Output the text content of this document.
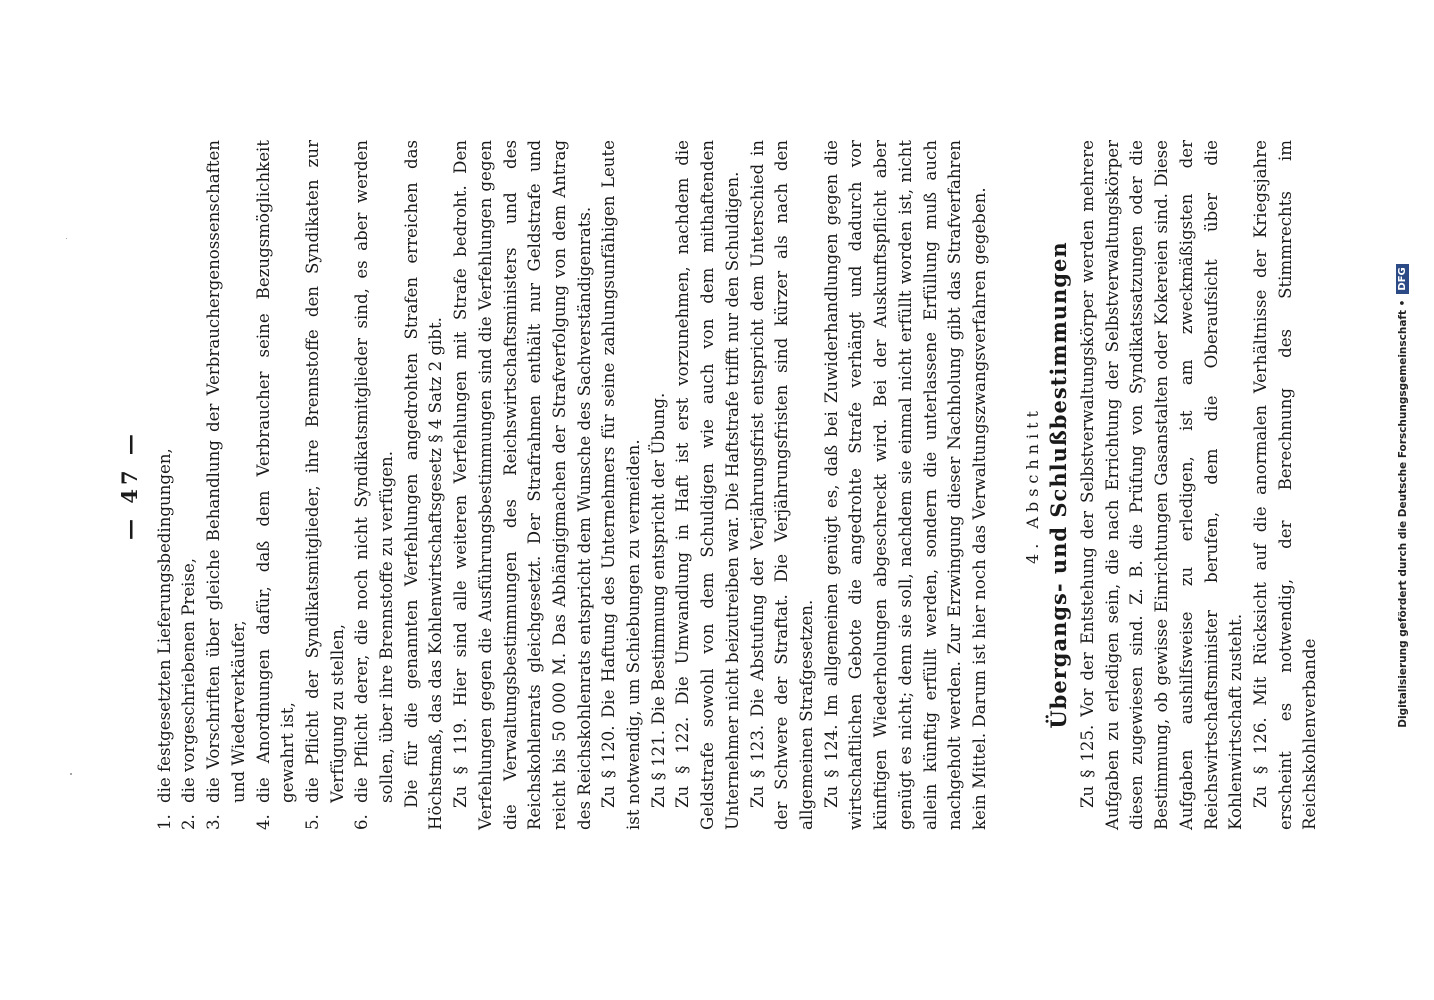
— 47 —
1.
die festgesetzten Lieferungsbedingungen,
2.
die vorgeschriebenen Preise,
3.
die Vorschriften über gleiche Behandlung der Verbrauchergenossenschaften und Wiederverkäufer,
4.
die Anordnungen dafür, daß dem Verbraucher seine Bezugsmöglichkeit gewahrt ist,
5.
die Pflicht der Syndikatsmitglieder, ihre Brennstoffe den Syndikaten zur Verfügung zu stellen,
6.
die Pflicht derer, die noch nicht Syndikatsmitglieder sind, es aber werden sollen, über ihre Brennstoffe zu verfügen. Die für die genannten Verfehlungen angedrohten Strafen erreichen das Höchstmaß, das das Kohlenwirtschaftsgesetz § 4 Satz 2 gibt. Zu § 119. Hier sind alle weiteren Verfehlungen mit Strafe bedroht. Den Verfehlungen gegen die Ausführungsbestimmungen sind die Verfehlungen gegen die Verwaltungsbestimmungen des Reichswirtschaftsministers und des Reichskohlenrats gleichgesetzt. Der Strafrahmen enthält nur Geldstrafe und reicht bis 50 000 M. Das Abhängigmachen der Strafverfolgung von dem Antrag des Reichskohlenrats entspricht dem Wunsche des Sachverständigenrats. Zu § 120. Die Haftung des Unternehmers für seine zahlungsunfähigen Leute ist notwendig, um Schiebungen zu vermeiden. Zu § 121. Die Bestimmung entspricht der Übung. Zu § 122. Die Umwandlung in Haft ist erst vorzunehmen, nachdem die Geldstrafe sowohl von dem Schuldigen wie auch von dem mithaftenden Unternehmer nicht beizutreiben war. Die Haftstrafe trifft nur den Schuldigen. Zu § 123. Die Abstufung der Verjährungsfrist entspricht dem Unterschied in der Schwere der Straftat. Die Verjährungsfristen sind kürzer als nach den allgemeinen Strafgesetzen. Zu § 124. Im allgemeinen genügt es, daß bei Zuwiderhandlungen gegen die wirtschaftlichen Gebote die angedrohte Strafe verhängt und dadurch vor künftigen Wiederholungen abgeschreckt wird. Bei der Auskunftspflicht aber genügt es nicht; denn sie soll, nachdem sie einmal nicht erfüllt worden ist, nicht allein künftig erfüllt werden, sondern die unterlassene Erfüllung muß auch nachgeholt werden. Zur Erzwingung dieser Nachholung gibt das Strafverfahren kein Mittel. Darum ist hier noch das Verwaltungszwangsverfahren gegeben. 4. Abschnitt Übergangs- und Schlußbestimmungen Zu § 125. Vor der Entstehung der Selbstverwaltungskörper werden mehrere Aufgaben zu erledigen sein, die nach Errichtung der Selbstverwaltungskörper diesen zugewiesen sind. Z. B. die Prüfung von Syndikatssatzungen oder die Bestimmung, ob gewisse Einrichtungen Gasanstalten oder Kokereien sind. Diese Aufgaben aushilfsweise zu erledigen, ist am zweckmäßigsten der Reichswirtschaftsminister berufen, dem die Oberaufsicht über die Kohlenwirtschaft zusteht. Zu § 126. Mit Rücksicht auf die anormalen Verhältnisse der Kriegsjahre erscheint es notwendig, der Berechnung des Stimmrechts im Reichskohlenverbande

Digitalisierung gefördert durch die Deutsche Forschungsgemeinschaft •
DFG
